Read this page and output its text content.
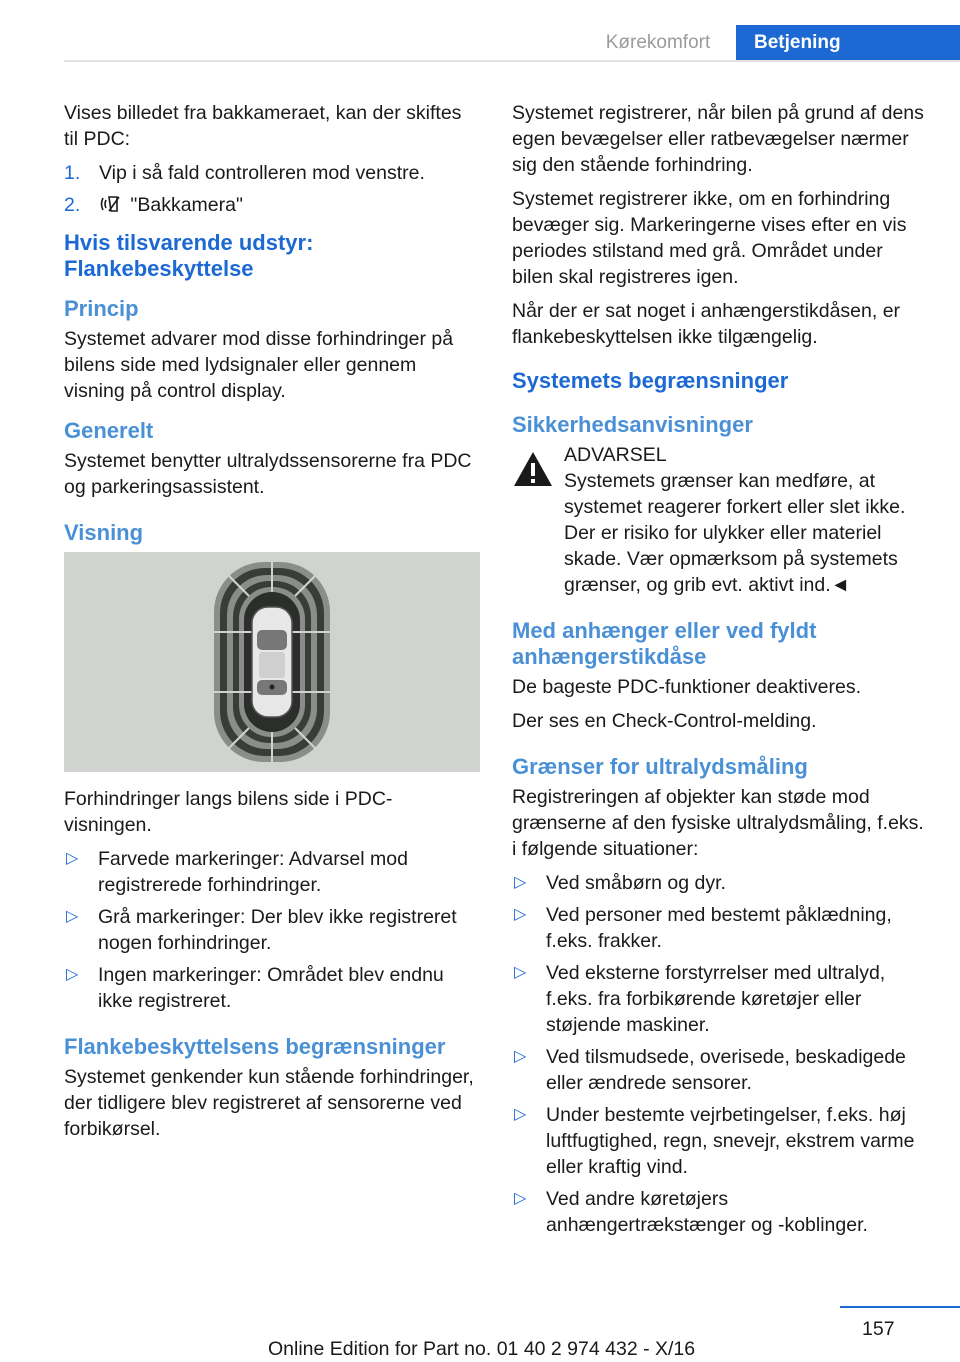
Kørekomfort	Betjening

Vises billedet fra bakkameraet, kan der skiftes til PDC:

1. Vip i så fald controlleren mod venstre.
2.	"Bakkamera"
Hvis tilsvarende udstyr: Flankebeskyttelse
Princip

Systemet advarer mod disse forhindringer på bilens side med lydsignaler eller gennem visning på control display.

Generelt

Systemet benytter ultralydssensorerne fra PDC og parkeringsassistent.

Visning

Forhindringer langs bilens side i PDC-visningen.

▷ Farvede markeringer: Advarsel mod registrerede forhindringer.
▷ Grå markeringer: Der blev ikke registreret nogen forhindringer.
▷ Ingen markeringer: Området blev endnu ikke registreret.
Flankebeskyttelsens begrænsninger

Systemet genkender kun stående forhindringer, der tidligere blev registreret af sensorerne ved forbikørsel.

Systemet registrerer, når bilen på grund af dens egen bevægelser eller ratbevægelser nærmer sig den stående forhindring.

Systemet registrerer ikke, om en forhindring bevæger sig. Markeringerne vises efter en vis periodes stilstand med grå. Området under bilen skal registreres igen.

Når der er sat noget i anhængerstikdåsen, er flankebeskyttelsen ikke tilgængelig.

Systemets begrænsninger
Sikkerhedsanvisninger

ADVARSEL

Systemets grænser kan medføre, at systemet reagerer forkert eller slet ikke. Der er risiko for ulykker eller materiel skade. Vær opmærksom på systemets grænser, og grib evt. aktivt ind.◄

Med anhænger eller ved fyldt anhængerstikdåse

De bageste PDC-funktioner deaktiveres.

Der ses en Check-Control-melding.

Grænser for ultralydsmåling

Registreringen af objekter kan støde mod grænserne af den fysiske ultralydsmåling, f.eks. i følgende situationer:

▷ Ved småbørn og dyr.
▷ Ved personer med bestemt påklædning, f.eks. frakker.
▷ Ved eksterne forstyrrelser med ultralyd, f.eks. fra forbikørende køretøjer eller støjende maskiner.
▷ Ved tilsmudsede, overisede, beskadigede eller ændrede sensorer.
▷ Under bestemte vejrbetingelser, f.eks. høj luftfugtighed, regn, snevejr, ekstrem varme eller kraftig vind.
▷ Ved andre køretøjers anhængertrækstænger og -koblinger.
157
Online Edition for Part no. 01 40 2 974 432 - X/16
